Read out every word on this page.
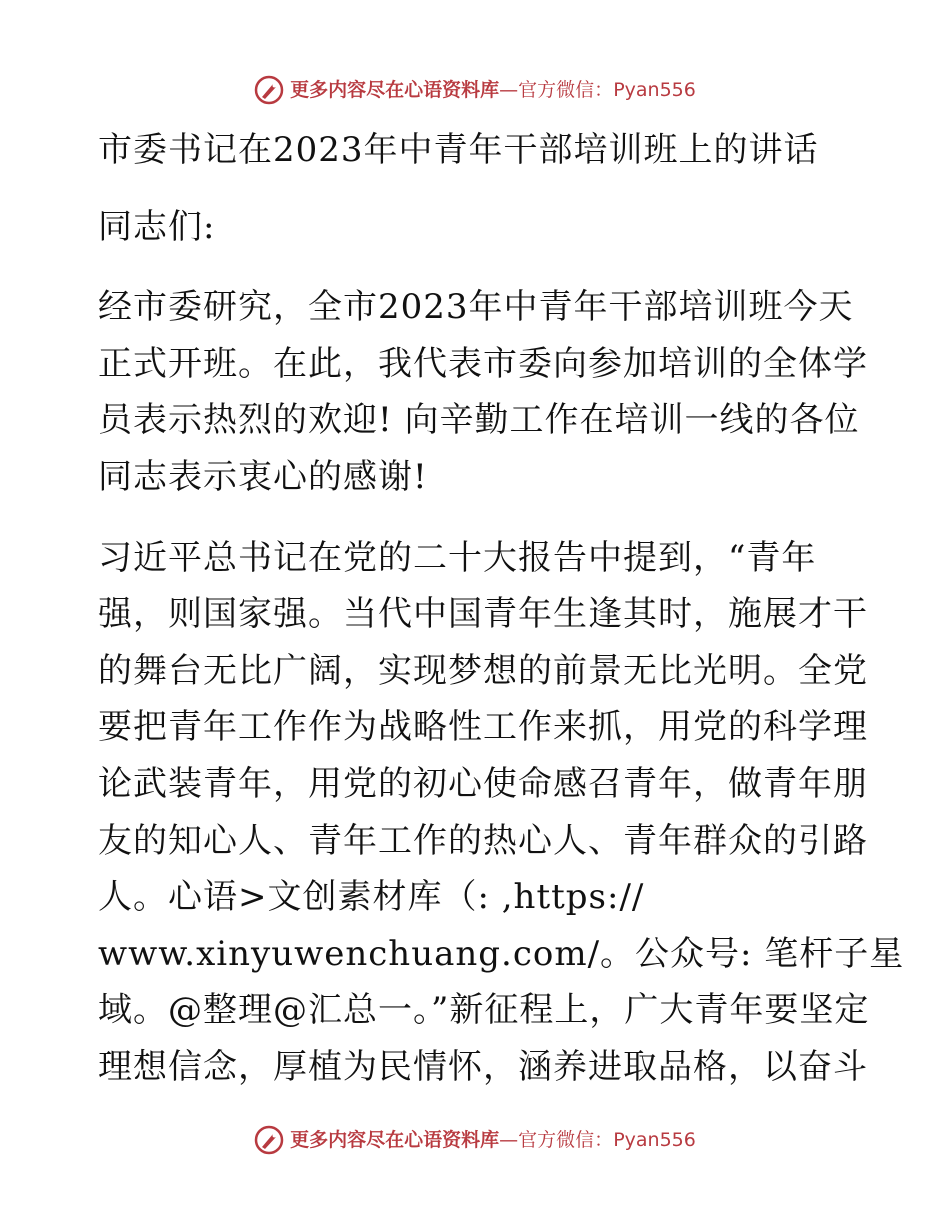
更多内容尽在心语资料库 — 官方微信： Pyan556
市委书记在2023年中青年干部培训班上的讲话
同志们:
经市委研究，全市2023年中青年干部培训班今天
正式开班。在此，我代表市委向参加培训的全体学
员表示热烈的欢迎! 向辛勤工作在培训一线的各位
同志表示衷心的感谢!
习近平总书记在党的二十大报告中提到，“青年
强，则国家强。当代中国青年生逢其时，施展才干
的舞台无比广阔，实现梦想的前景无比光明。全党
要把青年工作作为战略性工作来抓，用党的科学理
论武装青年，用党的初心使命感召青年，做青年朋
友的知心人、青年工作的热心人、青年群众的引路
人。心语>文创素材库（: ,https://
www.xinyuwenchuang.com/。公众号: 笔杆子星
域。@整理@汇总一。”新征程上，广大青年要坚定
理想信念，厚植为民情怀，涵养进取品格，以奋斗
更多内容尽在心语资料库 — 官方微信： Pyan556
